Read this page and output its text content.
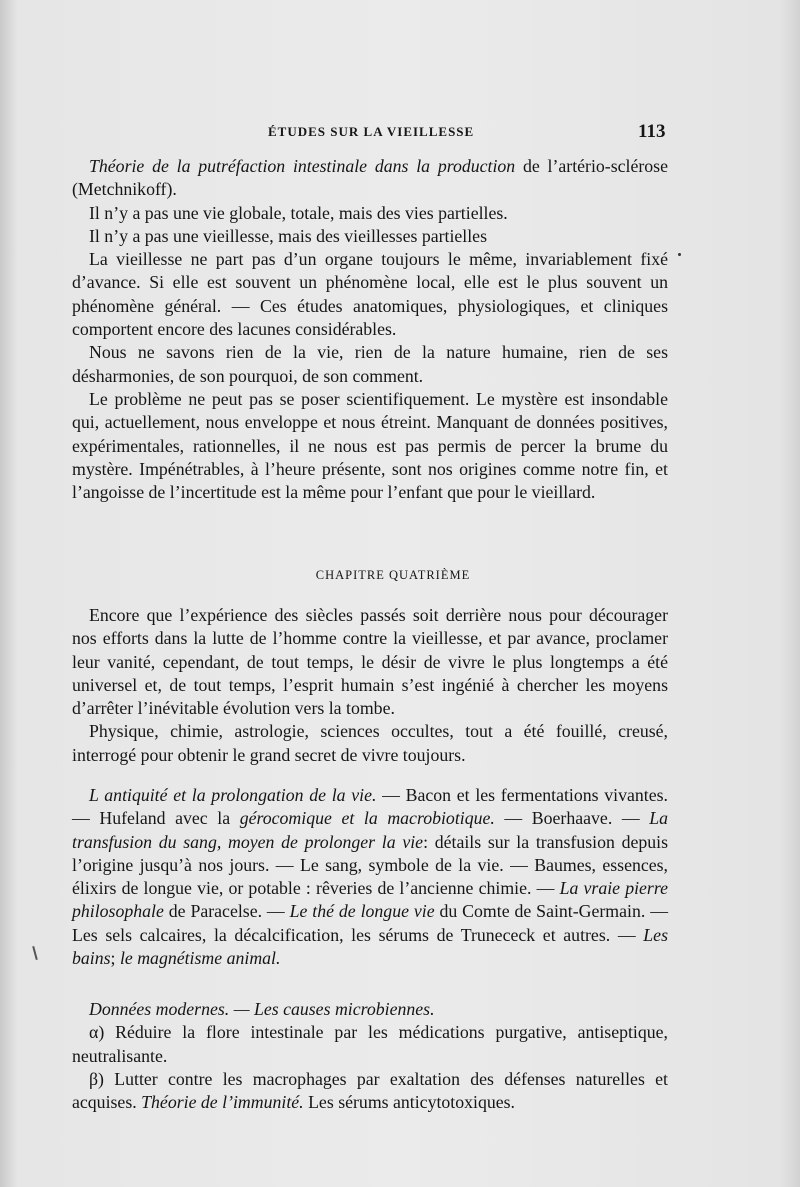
ÉTUDES SUR LA VIEILLESSE	113

Théorie de la putréfaction intestinale dans la production de l’artério-sclérose (Metchnikoff).

Il n’y a pas une vie globale, totale, mais des vies partielles.

Il n’y a pas une vieillesse, mais des vieillesses partielles

La vieillesse ne part pas d’un organe toujours le même, invariablement fixé d’avance. Si elle est souvent un phénomène local, elle est le plus souvent un phénomène général. — Ces études anatomiques, physiologiques, et cliniques comportent encore des lacunes considérables.

Nous ne savons rien de la vie, rien de la nature humaine, rien de ses désharmonies, de son pourquoi, de son comment.

Le problème ne peut pas se poser scientifiquement. Le mystère est insondable qui, actuellement, nous enveloppe et nous étreint. Manquant de données positives, expérimentales, rationnelles, il ne nous est pas permis de percer la brume du mystère. Impénétrables, à l’heure présente, sont nos origines comme notre fin, et l’angoisse de l’incertitude est la même pour l’enfant que pour le vieillard.

CHAPITRE QUATRIÈME

Encore que l’expérience des siècles passés soit derrière nous pour décourager nos efforts dans la lutte de l’homme contre la vieillesse, et par avance, proclamer leur vanité, cependant, de tout temps, le désir de vivre le plus longtemps a été universel et, de tout temps, l’esprit humain s’est ingénié à chercher les moyens d’arrêter l’inévitable évolution vers la tombe.

Physique, chimie, astrologie, sciences occultes, tout a été fouillé, creusé, interrogé pour obtenir le grand secret de vivre toujours.

L antiquité et la prolongation de la vie. — Bacon et les fermentations vivantes.— Hufeland avec la gérocomique et la macrobiotique. — Boerhaave. — La transfusion du sang, moyen de prolonger la vie: détails sur la transfusion depuis l’origine jusqu’à nos jours. — Le sang, symbole de la vie. — Baumes, essences, élixirs de longue vie, or potable : rêveries de l’ancienne chimie. — La vraie pierre philosophale de Paracelse. — Le thé de longue vie du Comte de Saint-Germain. — Les sels calcaires, la décalcification, les sérums de Trunececk et autres. — Les bains; le magnétisme animal.

Données modernes. — Les causes microbiennes.

α) Réduire la flore intestinale par les médications purgative, antiseptique, neutralisante.

β) Lutter contre les macrophages par exaltation des défenses naturelles et acquises. Théorie de l’immunité. Les sérums anticytotoxiques.
